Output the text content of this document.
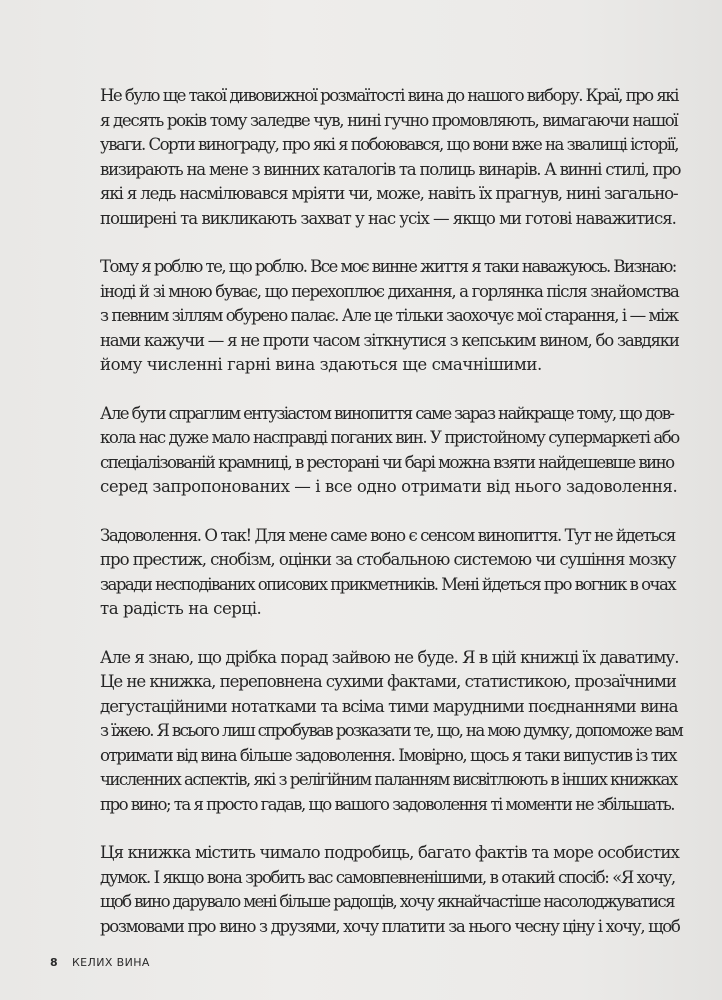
Не було ще такої дивовижної розмаїтості вина до нашого вибору. Краї, про які
я десять років тому заледве чув, нині гучно промовляють, вимагаючи нашої
уваги. Сорти винограду, про які я побоювався, що вони вже на звалищі історії,
визирають на мене з винних каталогів та полиць винарів. А винні стилі, про
які я ледь насмілювався мріяти чи, може, навіть їх прагнув, нині загально-
поширені та викликають захват у нас усіх — якщо ми готові наважитися.

Тому я роблю те, що роблю. Все моє винне життя я таки наважуюсь. Визнаю:
іноді й зі мною буває, що перехоплює дихання, а горлянка після знайомства
з певним зіллям обурено палає. Але це тільки заохочує мої старання, і — між
нами кажучи — я не проти часом зіткнутися з кепським вином, бо завдяки
йому численні гарні вина здаються ще смачнішими.

Але бути спраглим ентузіастом винопиття саме зараз найкраще тому, що дов-
кола нас дуже мало насправді поганих вин. У пристойному супермаркеті або
спеціалізованій крамниці, в ресторані чи барі можна взяти найдешевше вино
серед запропонованих — і все одно отримати від нього задоволення.

Задоволення. О так! Для мене саме воно є сенсом винопиття. Тут не йдеться
про престиж, снобізм, оцінки за стобальною системою чи сушіння мозку
заради несподіваних описових прикметників. Мені йдеться про вогник в очах
та радість на серці.

Але я знаю, що дрібка порад зайвою не буде. Я в цій книжці їх даватиму.
Це не книжка, переповнена сухими фактами, статистикою, прозаїчними
дегустаційними нотатками та всіма тими марудними поєднаннями вина
з їжею. Я всього лиш спробував розказати те, що, на мою думку, допоможе вам
отримати від вина більше задоволення. Імовірно, щось я таки випустив із тих
численних аспектів, які з релігійним паланням висвітлюють в інших книжках
про вино; та я просто гадав, що вашого задоволення ті моменти не збільшать.

Ця книжка містить чимало подробиць, багато фактів та море особистих
думок. І якщо вона зробить вас самовпевненішими, в отакий спосіб: «Я хочу,
щоб вино дарувало мені більше радощів, хочу якнайчастіше насолоджуватися
розмовами про вино з друзями, хочу платити за нього чесну ціну і хочу, щоб

8 КЕЛИХ ВИНА
